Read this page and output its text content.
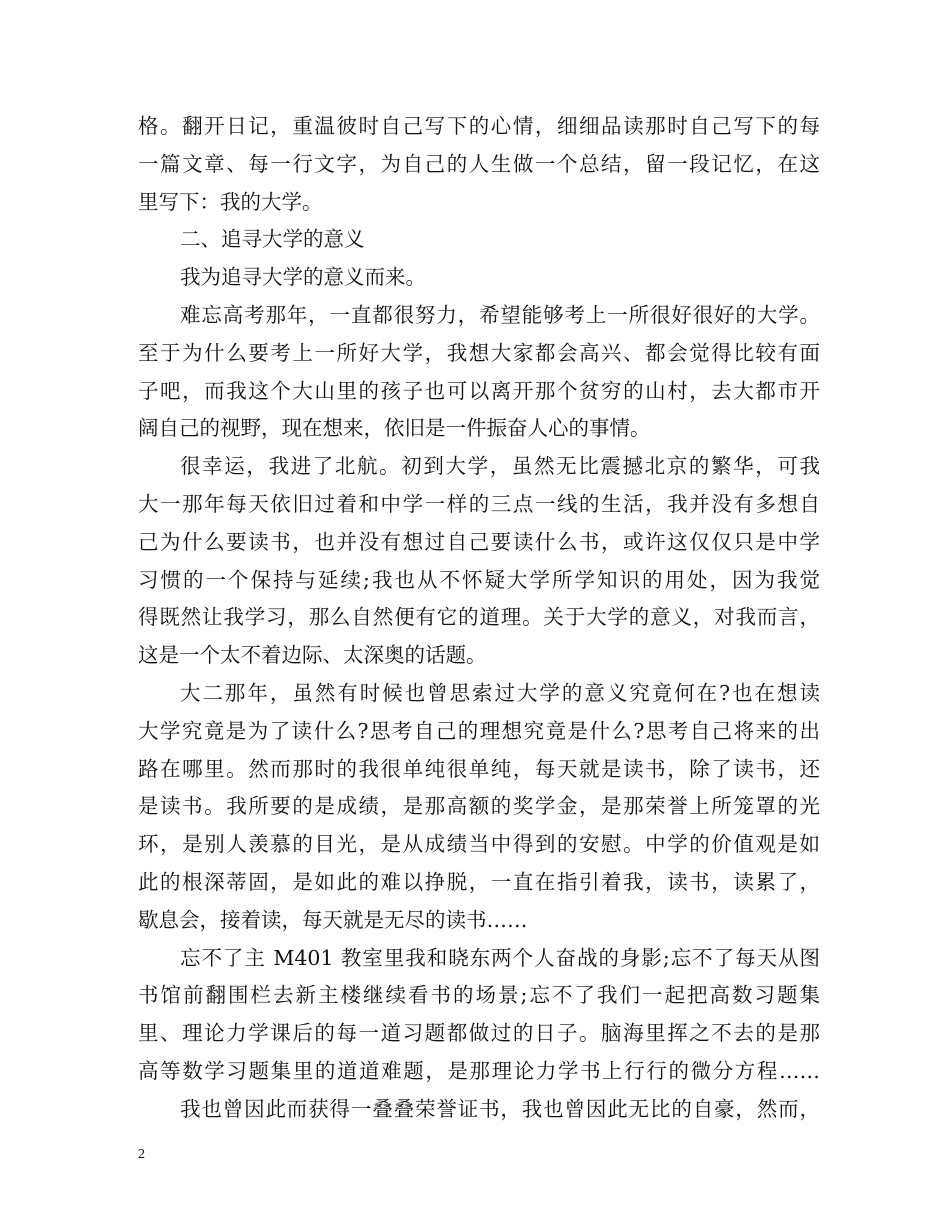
格。翻开日记，重温彼时自己写下的心情，细细品读那时自己写下的每
一篇文章、每一行文字，为自己的人生做一个总结，留一段记忆，在这
里写下：我的大学。
二、追寻大学的意义
我为追寻大学的意义而来。
难忘高考那年，一直都很努力，希望能够考上一所很好很好的大学。
至于为什么要考上一所好大学，我想大家都会高兴、都会觉得比较有面
子吧，而我这个大山里的孩子也可以离开那个贫穷的山村，去大都市开
阔自己的视野，现在想来，依旧是一件振奋人心的事情。
很幸运，我进了北航。初到大学，虽然无比震撼北京的繁华，可我
大一那年每天依旧过着和中学一样的三点一线的生活，我并没有多想自
己为什么要读书，也并没有想过自己要读什么书，或许这仅仅只是中学
习惯的一个保持与延续;我也从不怀疑大学所学知识的用处，因为我觉
得既然让我学习，那么自然便有它的道理。关于大学的意义，对我而言，
这是一个太不着边际、太深奥的话题。
大二那年，虽然有时候也曾思索过大学的意义究竟何在?也在想读
大学究竟是为了读什么?思考自己的理想究竟是什么?思考自己将来的出
路在哪里。然而那时的我很单纯很单纯，每天就是读书，除了读书，还
是读书。我所要的是成绩，是那高额的奖学金，是那荣誉上所笼罩的光
环，是别人羡慕的目光，是从成绩当中得到的安慰。中学的价值观是如
此的根深蒂固，是如此的难以挣脱，一直在指引着我，读书，读累了，
歇息会，接着读，每天就是无尽的读书……
忘不了主 M401 教室里我和晓东两个人奋战的身影;忘不了每天从图
书馆前翻围栏去新主楼继续看书的场景;忘不了我们一起把高数习题集
里、理论力学课后的每一道习题都做过的日子。脑海里挥之不去的是那
高等数学习题集里的道道难题，是那理论力学书上行行的微分方程……
我也曾因此而获得一叠叠荣誉证书，我也曾因此无比的自豪，然而，
2
